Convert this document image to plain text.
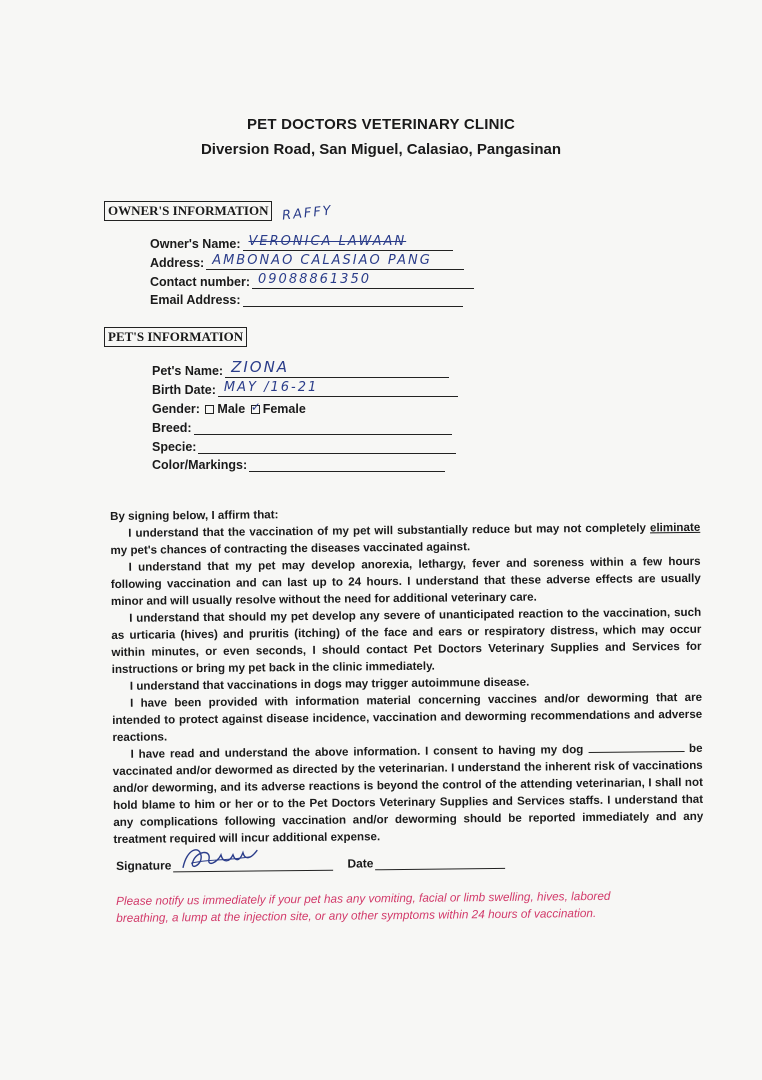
PET DOCTORS VETERINARY CLINIC
Diversion Road, San Miguel, Calasiao, Pangasinan
OWNER'S INFORMATION RAFFY
Owner's Name: VERONICA LAWAAN
Address: AMBONAO CALASIAO PANG
Contact number: 09088861350
Email Address:
PET'S INFORMATION
Pet's Name: ZIONA
Birth Date: MAY /16-21
Gender: Male ✓ Female
Breed:
Specie:
Color/Markings:

By signing below, I affirm that:

I understand that the vaccination of my pet will substantially reduce but may not completely eliminate my pet's chances of contracting the diseases vaccinated against.

I understand that my pet may develop anorexia, lethargy, fever and soreness within a few hours following vaccination and can last up to 24 hours. I understand that these adverse effects are usually minor and will usually resolve without the need for additional veterinary care.

I understand that should my pet develop any severe of unanticipated reaction to the vaccination, such as urticaria (hives) and pruritis (itching) of the face and ears or respiratory distress, which may occur within minutes, or even seconds, I should contact Pet Doctors Veterinary Supplies and Services for instructions or bring my pet back in the clinic immediately.

I understand that vaccinations in dogs may trigger autoimmune disease.

I have been provided with information material concerning vaccines and/or deworming that are intended to protect against disease incidence, vaccination and deworming recommendations and adverse reactions.

I have read and understand the above information. I consent to having my dog	be vaccinated and/or dewormed as directed by the veterinarian. I understand the inherent risk of vaccinations and/or deworming, and its adverse reactions is beyond the control of the attending veterinarian, I shall not hold blame to him or her or to the Pet Doctors Veterinary Supplies and Services staffs. I understand that any complications following vaccination and/or deworming should be reported immediately and any treatment required will incur additional expense.

Signature	Date
Please notify us immediately if your pet has any vomiting, facial or limb swelling, hives, labored breathing, a lump at the injection site, or any other symptoms within 24 hours of vaccination.
